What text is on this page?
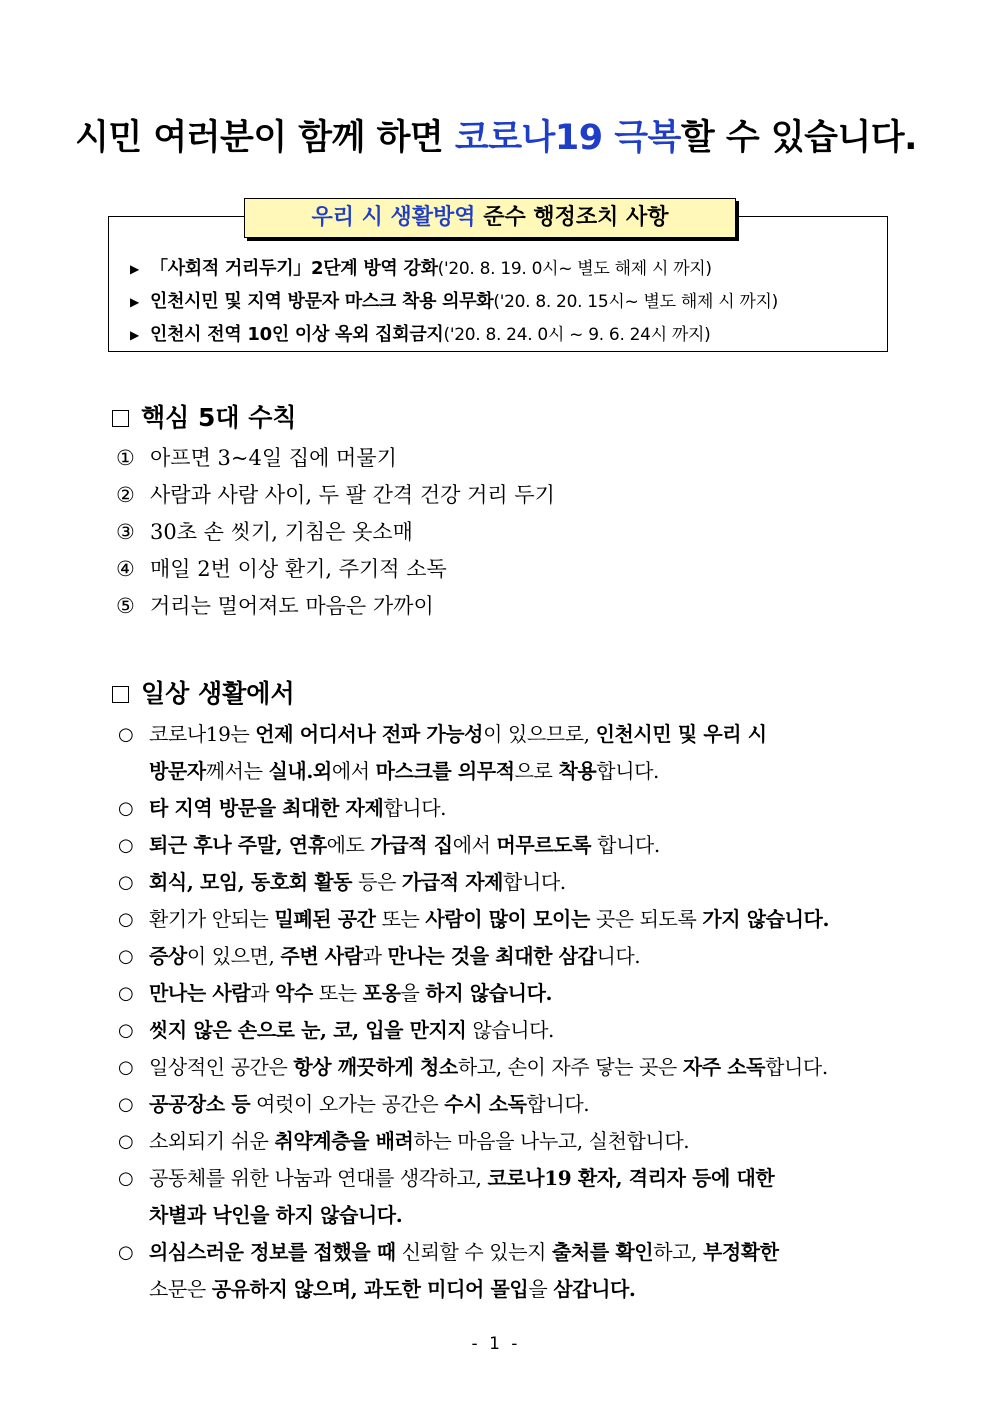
시민 여러분이 함께 하면 코로나19 극복할 수 있습니다.
우리 시 생활방역 준수 행정조치 사항
▶ 「사회적 거리두기」2단계 방역 강화('20. 8. 19. 0시~ 별도 해제 시 까지)
▶ 인천시민 및 지역 방문자 마스크 착용 의무화('20. 8. 20. 15시~ 별도 해제 시 까지)
▶ 인천시 전역 10인 이상 옥외 집회금지('20. 8. 24. 0시 ~ 9. 6. 24시 까지)
핵심 5대 수칙
① 아프면 3~4일 집에 머물기
② 사람과 사람 사이, 두 팔 간격 건강 거리 두기
③ 30초 손 씻기, 기침은 옷소매
④ 매일 2번 이상 환기, 주기적 소독
⑤ 거리는 멀어져도 마음은 가까이
일상 생활에서
○ 코로나19는 언제 어디서나 전파 가능성이 있으므로, 인천시민 및 우리 시
방문자께서는 실내.외에서 마스크를 의무적으로 착용합니다.
○ 타 지역 방문을 최대한 자제합니다.
○ 퇴근 후나 주말, 연휴에도 가급적 집에서 머무르도록 합니다.
○ 회식, 모임, 동호회 활동 등은 가급적 자제합니다.
○ 환기가 안되는 밀폐된 공간 또는 사람이 많이 모이는 곳은 되도록 가지 않습니다.
○ 증상이 있으면, 주변 사람과 만나는 것을 최대한 삼갑니다.
○ 만나는 사람과 악수 또는 포옹을 하지 않습니다.
○ 씻지 않은 손으로 눈, 코, 입을 만지지 않습니다.
○ 일상적인 공간은 항상 깨끗하게 청소하고, 손이 자주 닿는 곳은 자주 소독합니다.
○ 공공장소 등 여럿이 오가는 공간은 수시 소독합니다.
○ 소외되기 쉬운 취약계층을 배려하는 마음을 나누고, 실천합니다.
○ 공동체를 위한 나눔과 연대를 생각하고, 코로나19 환자, 격리자 등에 대한
차별과 낙인을 하지 않습니다.
○ 의심스러운 정보를 접했을 때 신뢰할 수 있는지 출처를 확인하고, 부정확한
소문은 공유하지 않으며, 과도한 미디어 몰입을 삼갑니다.
- 1 -
